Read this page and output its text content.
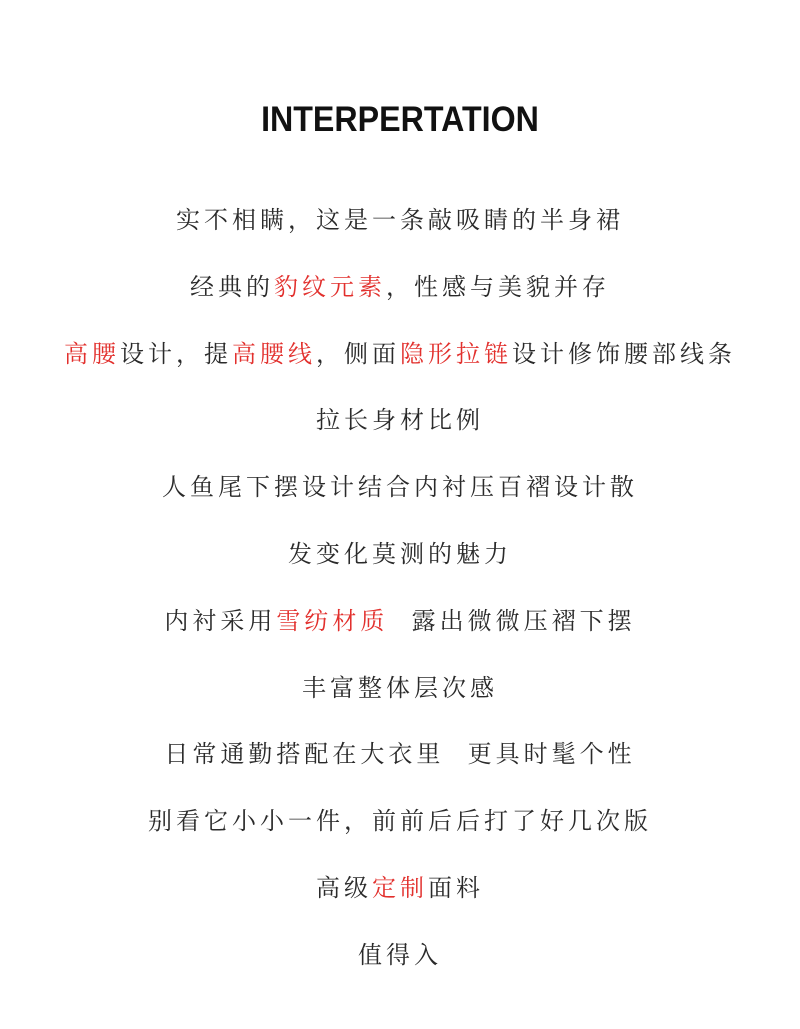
INTERPERTATION
实不相瞒，这是一条敲吸睛的半身裙
经典的豹纹元素，性感与美貌并存
高腰设计，提高腰线，侧面隐形拉链设计修饰腰部线条
拉长身材比例
人鱼尾下摆设计结合内衬压百褶设计散
发变化莫测的魅力
内衬采用雪纺材质  露出微微压褶下摆
丰富整体层次感
日常通勤搭配在大衣里  更具时髦个性
别看它小小一件，前前后后打了好几次版
高级定制面料
值得入
